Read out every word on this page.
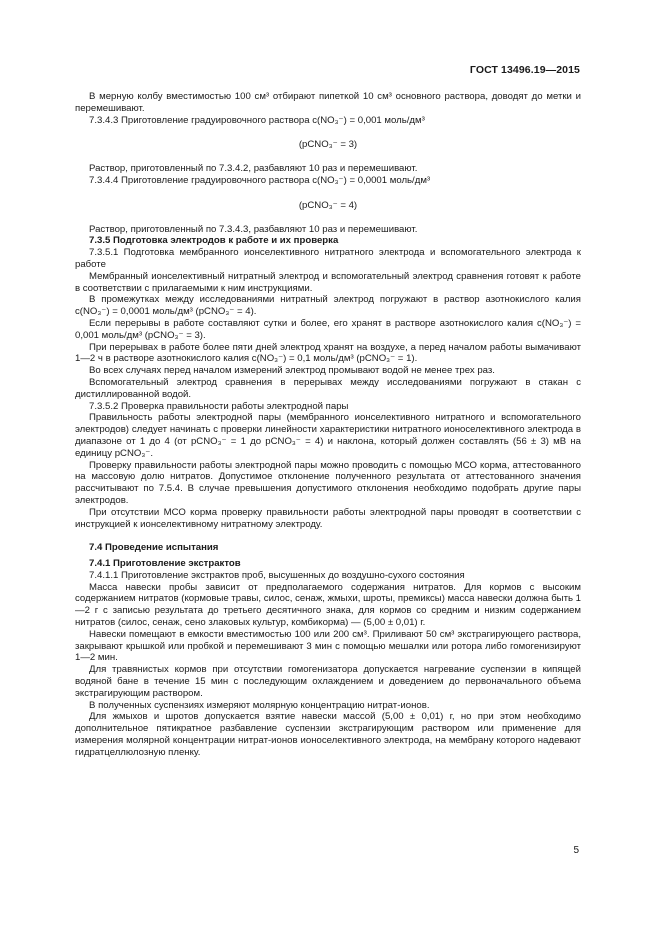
ГОСТ 13496.19—2015

В мерную колбу вместимостью 100 см³ отбирают пипеткой 10 см³ основного раствора, доводят до метки и перемешивают.

7.3.4.3 Приготовление градуировочного раствора c(NO₃⁻) = 0,001 моль/дм³

(pCNO₃⁻ = 3)

Раствор, приготовленный по 7.3.4.2, разбавляют 10 раз и перемешивают.

7.3.4.4 Приготовление градуировочного раствора c(NO₃⁻) = 0,0001 моль/дм³

(pCNO₃⁻ = 4)

Раствор, приготовленный по 7.3.4.3, разбавляют 10 раз и перемешивают.

7.3.5 Подготовка электродов к работе и их проверка

7.3.5.1 Подготовка мембранного ионселективного нитратного электрода и вспомогательного электрода к работе

Мембранный ионселективный нитратный электрод и вспомогательный электрод сравнения готовят к работе в соответствии с прилагаемыми к ним инструкциями.

В промежутках между исследованиями нитратный электрод погружают в раствор азотнокислого калия c(NO₃⁻) = 0,0001 моль/дм³ (pCNO₃⁻ = 4).

Если перерывы в работе составляют сутки и более, его хранят в растворе азотнокислого калия c(NO₃⁻) = 0,001 моль/дм³ (pCNO₃⁻ = 3).

При перерывах в работе более пяти дней электрод хранят на воздухе, а перед началом работы вымачивают 1—2 ч в растворе азотнокислого калия c(NO₃⁻) = 0,1 моль/дм³ (pCNO₃⁻ = 1).

Во всех случаях перед началом измерений электрод промывают водой не менее трех раз.

Вспомогательный электрод сравнения в перерывах между исследованиями погружают в стакан с дистиллированной водой.

7.3.5.2 Проверка правильности работы электродной пары

Правильность работы электродной пары (мембранного ионселективного нитратного и вспомогательного электродов) следует начинать с проверки линейности характеристики нитратного ионоселективного электрода в диапазоне от 1 до 4 (от pCNO₃⁻ = 1 до pCNO₃⁻ = 4) и наклона, который должен составлять (56 ± 3) мВ на единицу pCNO₃⁻.

Проверку правильности работы электродной пары можно проводить с помощью МСО корма, аттестованного на массовую долю нитратов. Допустимое отклонение полученного результата от аттестованного значения рассчитывают по 7.5.4. В случае превышения допустимого отклонения необходимо подобрать другие пары электродов.

При отсутствии МСО корма проверку правильности работы электродной пары проводят в соответствии с инструкцией к ионселективному нитратному электроду.

7.4 Проведение испытания

7.4.1 Приготовление экстрактов

7.4.1.1 Приготовление экстрактов проб, высушенных до воздушно-сухого состояния

Масса навески пробы зависит от предполагаемого содержания нитратов. Для кормов с высоким содержанием нитратов (кормовые травы, силос, сенаж, жмыхи, шроты, премиксы) масса навески должна быть 1—2 г с записью результата до третьего десятичного знака, для кормов со средним и низким содержанием нитратов (силос, сенаж, сено злаковых культур, комбикорма) — (5,00 ± 0,01) г.

Навески помещают в емкости вместимостью 100 или 200 см³. Приливают 50 см³ экстрагирующего раствора, закрывают крышкой или пробкой и перемешивают 3 мин с помощью мешалки или ротора либо гомогенизируют 1—2 мин.

Для травянистых кормов при отсутствии гомогенизатора допускается нагревание суспензии в кипящей водяной бане в течение 15 мин с последующим охлаждением и доведением до первоначального объема экстрагирующим раствором.

В полученных суспензиях измеряют молярную концентрацию нитрат-ионов.

Для жмыхов и шротов допускается взятие навески массой (5,00 ± 0,01) г, но при этом необходимо дополнительное пятикратное разбавление суспензии экстрагирующим раствором или применение для измерения молярной концентрации нитрат-ионов ионоселективного электрода, на мембрану которого надевают гидратцеллюлозную пленку.

5
